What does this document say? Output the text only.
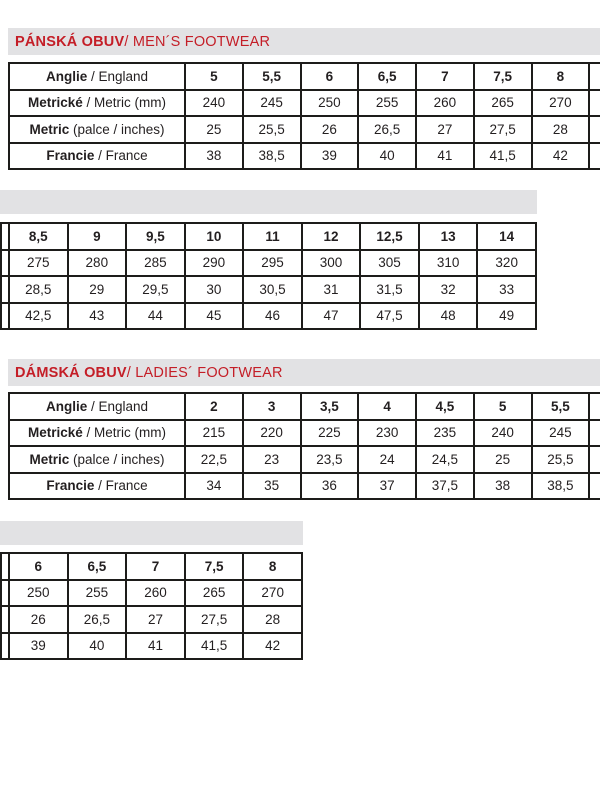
PÁNSKÁ OBUV / MEN´S FOOTWEAR
Anglie / England	5	5,5	6	6,5	7	7,5	8	
Metrické / Metric (mm)	240	245	250	255	260	265	270	
Metric (palce / inches)	25	25,5	26	26,5	27	27,5	28	
Francie / France	38	38,5	39	40	41	41,5	42	
	8,5	9	9,5	10	11	12	12,5	13	14
	275	280	285	290	295	300	305	310	320
	28,5	29	29,5	30	30,5	31	31,5	32	33
	42,5	43	44	45	46	47	47,5	48	49
DÁMSKÁ OBUV / LADIES´ FOOTWEAR
Anglie / England	2	3	3,5	4	4,5	5	5,5	
Metrické / Metric (mm)	215	220	225	230	235	240	245	
Metric (palce / inches)	22,5	23	23,5	24	24,5	25	25,5	
Francie / France	34	35	36	37	37,5	38	38,5	
	6	6,5	7	7,5	8
	250	255	260	265	270
	26	26,5	27	27,5	28
	39	40	41	41,5	42
